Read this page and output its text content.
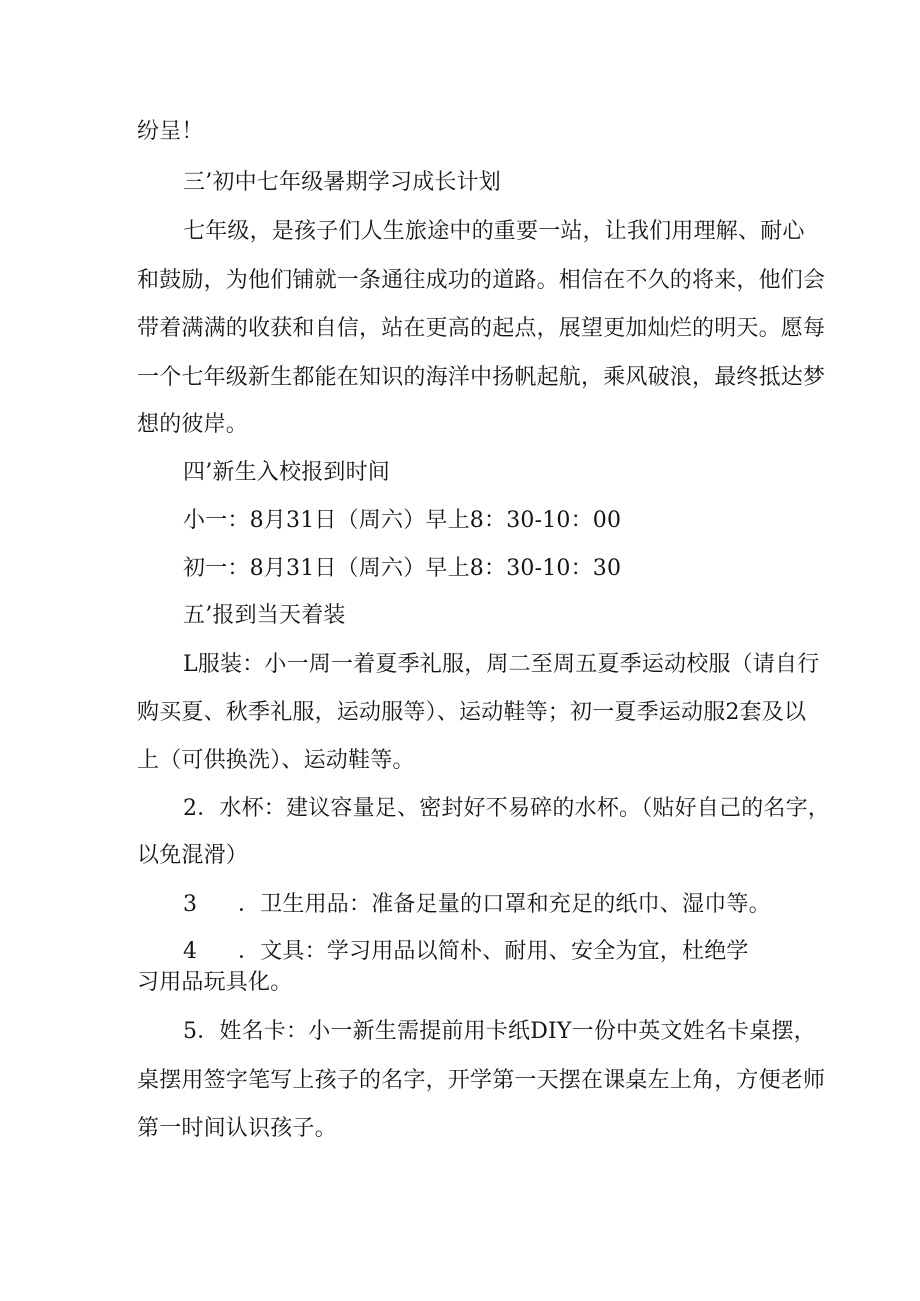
纷呈！
三’初中七年级暑期学习成长计划
七年级，是孩子们人生旅途中的重要一站，让我们用理解、耐心
和鼓励，为他们铺就一条通往成功的道路。相信在不久的将来，他们会
带着满满的收获和自信，站在更高的起点，展望更加灿烂的明天。愿每
一个七年级新生都能在知识的海洋中扬帆起航，乘风破浪，最终抵达梦
想的彼岸。
四’新生入校报到时间
小一：8月31日（周六）早上8：30-10：00
初一：8月31日（周六）早上8：30-10：30
五’报到当天着装
L服装：小一周一着夏季礼服，周二至周五夏季运动校服（请自行
购买夏、秋季礼服，运动服等）、运动鞋等；初一夏季运动服2套及以
上（可供换洗）、运动鞋等。
2．水杯：建议容量足、密封好不易碎的水杯。（贴好自己的名字，
以免混滑）
3 ．卫生用品：准备足量的口罩和充足的纸巾、湿巾等。
4 ．文具：学习用品以简朴、耐用、安全为宜，杜绝学
习用品玩具化。
5．姓名卡：小一新生需提前用卡纸DIY一份中英文姓名卡桌摆，
桌摆用签字笔写上孩子的名字，开学第一天摆在课桌左上角，方便老师
第一时间认识孩子。
